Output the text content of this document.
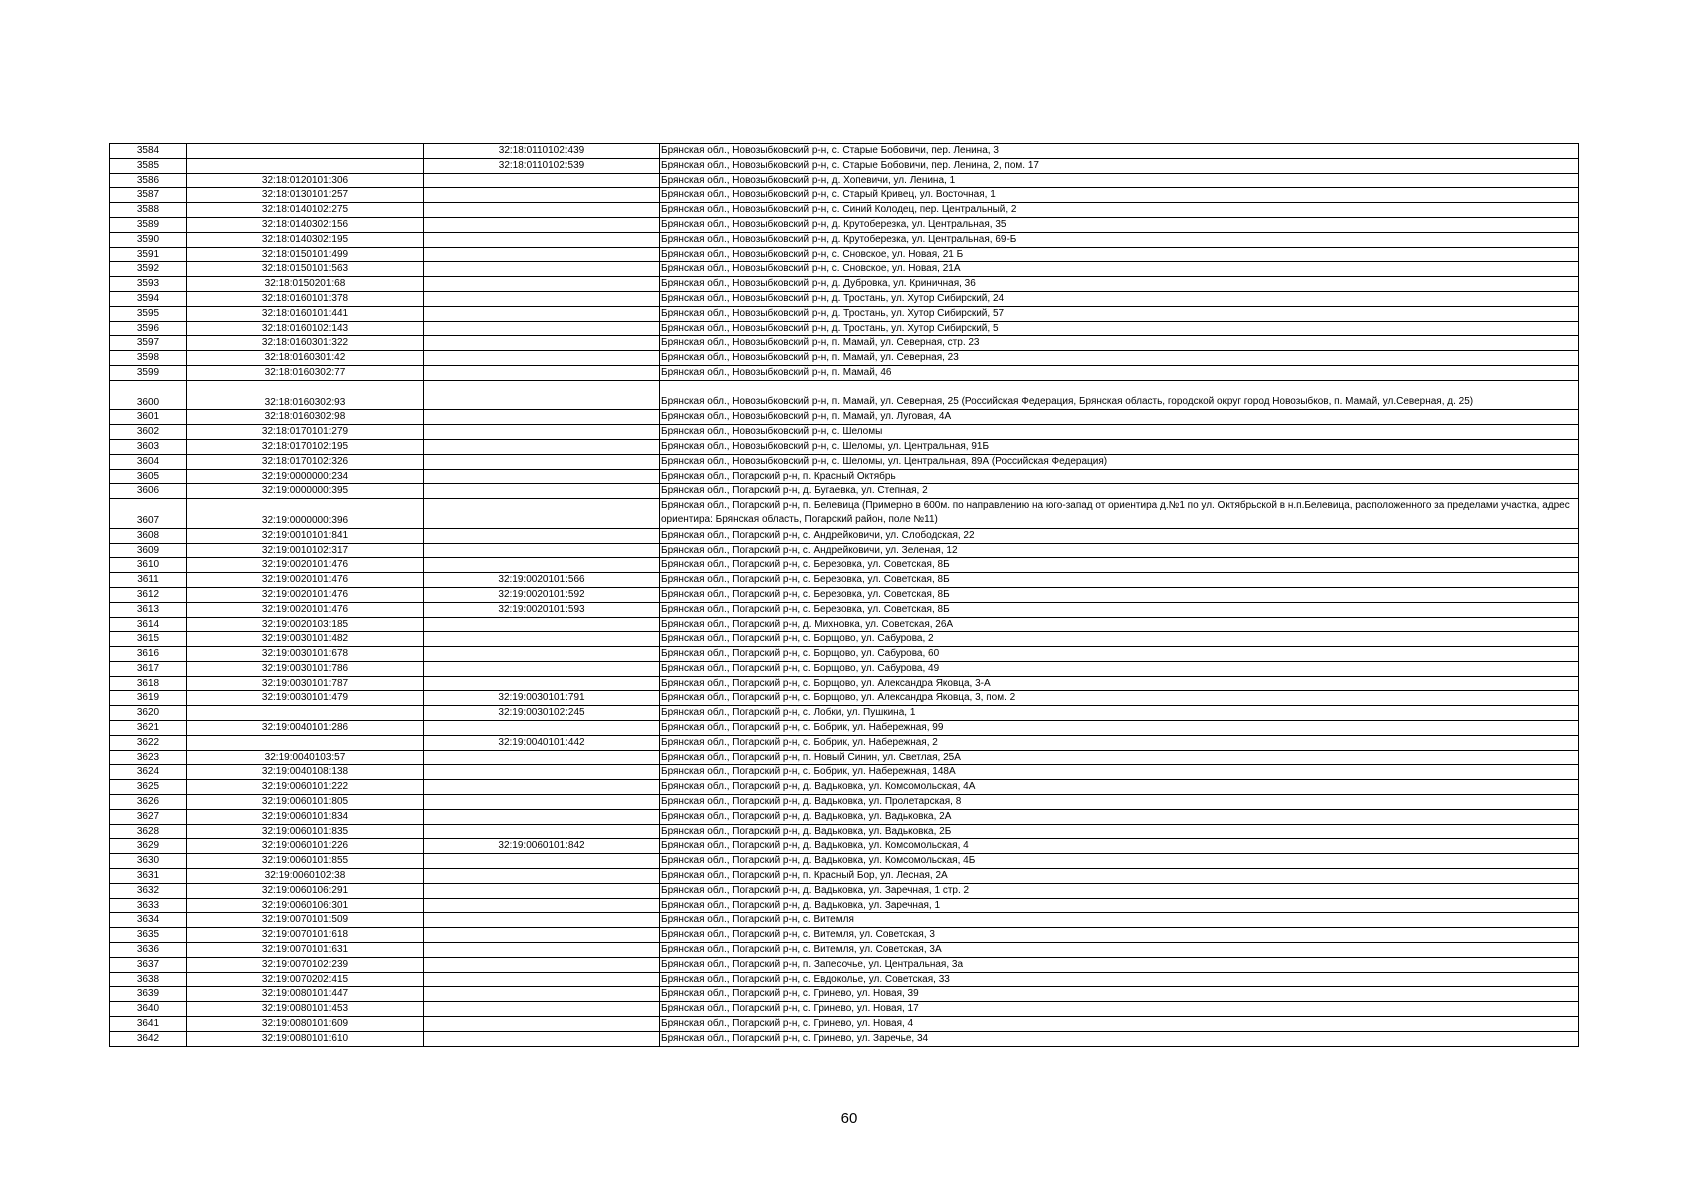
3584		32:18:0110102:439	Брянская обл., Новозыбковский р-н, с. Старые Бобовичи, пер. Ленина, 3
3585		32:18:0110102:539	Брянская обл., Новозыбковский р-н, с. Старые Бобовичи, пер. Ленина, 2, пом. 17
3586	32:18:0120101:306		Брянская обл., Новозыбковский р-н, д. Хопевичи, ул. Ленина, 1
3587	32:18:0130101:257		Брянская обл., Новозыбковский р-н, с. Старый Кривец, ул. Восточная, 1
3588	32:18:0140102:275		Брянская обл., Новозыбковский р-н, с. Синий Колодец, пер. Центральный, 2
3589	32:18:0140302:156		Брянская обл., Новозыбковский р-н, д. Крутоберезка, ул. Центральная, 35
3590	32:18:0140302:195		Брянская обл., Новозыбковский р-н, д. Крутоберезка, ул. Центральная, 69-Б
3591	32:18:0150101:499		Брянская обл., Новозыбковский р-н, с. Сновское, ул. Новая, 21 Б
3592	32:18:0150101:563		Брянская обл., Новозыбковский р-н, с. Сновское, ул. Новая, 21А
3593	32:18:0150201:68		Брянская обл., Новозыбковский р-н, д. Дубровка, ул. Криничная, 36
3594	32:18:0160101:378		Брянская обл., Новозыбковский р-н, д. Тростань, ул. Хутор Сибирский, 24
3595	32:18:0160101:441		Брянская обл., Новозыбковский р-н, д. Тростань, ул. Хутор Сибирский, 57
3596	32:18:0160102:143		Брянская обл., Новозыбковский р-н, д. Тростань, ул. Хутор Сибирский, 5
3597	32:18:0160301:322		Брянская обл., Новозыбковский р-н, п. Мамай, ул. Северная, стр. 23
3598	32:18:0160301:42		Брянская обл., Новозыбковский р-н, п. Мамай, ул. Северная, 23
3599	32:18:0160302:77		Брянская обл., Новозыбковский р-н, п. Мамай, 46
3600	32:18:0160302:93		Брянская обл., Новозыбковский р-н, п. Мамай, ул. Северная, 25 (Российская Федерация, Брянская область, городской округ город Новозыбков, п. Мамай, ул.Северная, д. 25)
3601	32:18:0160302:98		Брянская обл., Новозыбковский р-н, п. Мамай, ул. Луговая, 4А
3602	32:18:0170101:279		Брянская обл., Новозыбковский р-н, с. Шеломы
3603	32:18:0170102:195		Брянская обл., Новозыбковский р-н, с. Шеломы, ул. Центральная, 91Б
3604	32:18:0170102:326		Брянская обл., Новозыбковский р-н, с. Шеломы, ул. Центральная, 89А (Российская Федерация)
3605	32:19:0000000:234		Брянская обл., Погарский р-н, п. Красный Октябрь
3606	32:19:0000000:395		Брянская обл., Погарский р-н, д. Бугаевка, ул. Степная, 2
3607	32:19:0000000:396		Брянская обл., Погарский р-н, п. Белевица (Примерно в 600м. по направлению на юго-запад от ориентира д.№1 по ул. Октябрьской в н.п.Белевица, расположенного за пределами участка, адрес ориентира: Брянская область, Погарский район, поле №11)
3608	32:19:0010101:841		Брянская обл., Погарский р-н, с. Андрейковичи, ул. Слободская, 22
3609	32:19:0010102:317		Брянская обл., Погарский р-н, с. Андрейковичи, ул. Зеленая, 12
3610	32:19:0020101:476		Брянская обл., Погарский р-н, с. Березовка, ул. Советская, 8Б
3611	32:19:0020101:476	32:19:0020101:566	Брянская обл., Погарский р-н, с. Березовка, ул. Советская, 8Б
3612	32:19:0020101:476	32:19:0020101:592	Брянская обл., Погарский р-н, с. Березовка, ул. Советская, 8Б
3613	32:19:0020101:476	32:19:0020101:593	Брянская обл., Погарский р-н, с. Березовка, ул. Советская, 8Б
3614	32:19:0020103:185		Брянская обл., Погарский р-н, д. Михновка, ул. Советская, 26А
3615	32:19:0030101:482		Брянская обл., Погарский р-н, с. Борщово, ул. Сабурова, 2
3616	32:19:0030101:678		Брянская обл., Погарский р-н, с. Борщово, ул. Сабурова, 60
3617	32:19:0030101:786		Брянская обл., Погарский р-н, с. Борщово, ул. Сабурова, 49
3618	32:19:0030101:787		Брянская обл., Погарский р-н, с. Борщово, ул. Александра Яковца, 3-А
3619	32:19:0030101:479	32:19:0030101:791	Брянская обл., Погарский р-н, с. Борщово, ул. Александра Яковца, 3, пом. 2
3620		32:19:0030102:245	Брянская обл., Погарский р-н, с. Лобки, ул. Пушкина, 1
3621	32:19:0040101:286		Брянская обл., Погарский р-н, с. Бобрик, ул. Набережная, 99
3622		32:19:0040101:442	Брянская обл., Погарский р-н, с. Бобрик, ул. Набережная, 2
3623	32:19:0040103:57		Брянская обл., Погарский р-н, п. Новый Синин, ул. Светлая, 25А
3624	32:19:0040108:138		Брянская обл., Погарский р-н, с. Бобрик, ул. Набережная, 148А
3625	32:19:0060101:222		Брянская обл., Погарский р-н, д. Вадьковка, ул. Комсомольская, 4А
3626	32:19:0060101:805		Брянская обл., Погарский р-н, д. Вадьковка, ул. Пролетарская, 8
3627	32:19:0060101:834		Брянская обл., Погарский р-н, д. Вадьковка, ул. Вадьковка, 2А
3628	32:19:0060101:835		Брянская обл., Погарский р-н, д. Вадьковка, ул. Вадьковка, 2Б
3629	32:19:0060101:226	32:19:0060101:842	Брянская обл., Погарский р-н, д. Вадьковка, ул. Комсомольская, 4
3630	32:19:0060101:855		Брянская обл., Погарский р-н, д. Вадьковка, ул. Комсомольская, 4Б
3631	32:19:0060102:38		Брянская обл., Погарский р-н, п. Красный Бор, ул. Лесная, 2А
3632	32:19:0060106:291		Брянская обл., Погарский р-н, д. Вадьковка, ул. Заречная, 1 стр. 2
3633	32:19:0060106:301		Брянская обл., Погарский р-н, д. Вадьковка, ул. Заречная, 1
3634	32:19:0070101:509		Брянская обл., Погарский р-н, с. Витемля
3635	32:19:0070101:618		Брянская обл., Погарский р-н, с. Витемля, ул. Советская, 3
3636	32:19:0070101:631		Брянская обл., Погарский р-н, с. Витемля, ул. Советская, 3А
3637	32:19:0070102:239		Брянская обл., Погарский р-н, п. Запесочье, ул. Центральная, 3а
3638	32:19:0070202:415		Брянская обл., Погарский р-н, с. Евдокольe, ул. Советская, 33
3639	32:19:0080101:447		Брянская обл., Погарский р-н, с. Гринево, ул. Новая, 39
3640	32:19:0080101:453		Брянская обл., Погарский р-н, с. Гринево, ул. Новая, 17
3641	32:19:0080101:609		Брянская обл., Погарский р-н, с. Гринево, ул. Новая, 4
3642	32:19:0080101:610		Брянская обл., Погарский р-н, с. Гринево, ул. Заречье, 34
60
